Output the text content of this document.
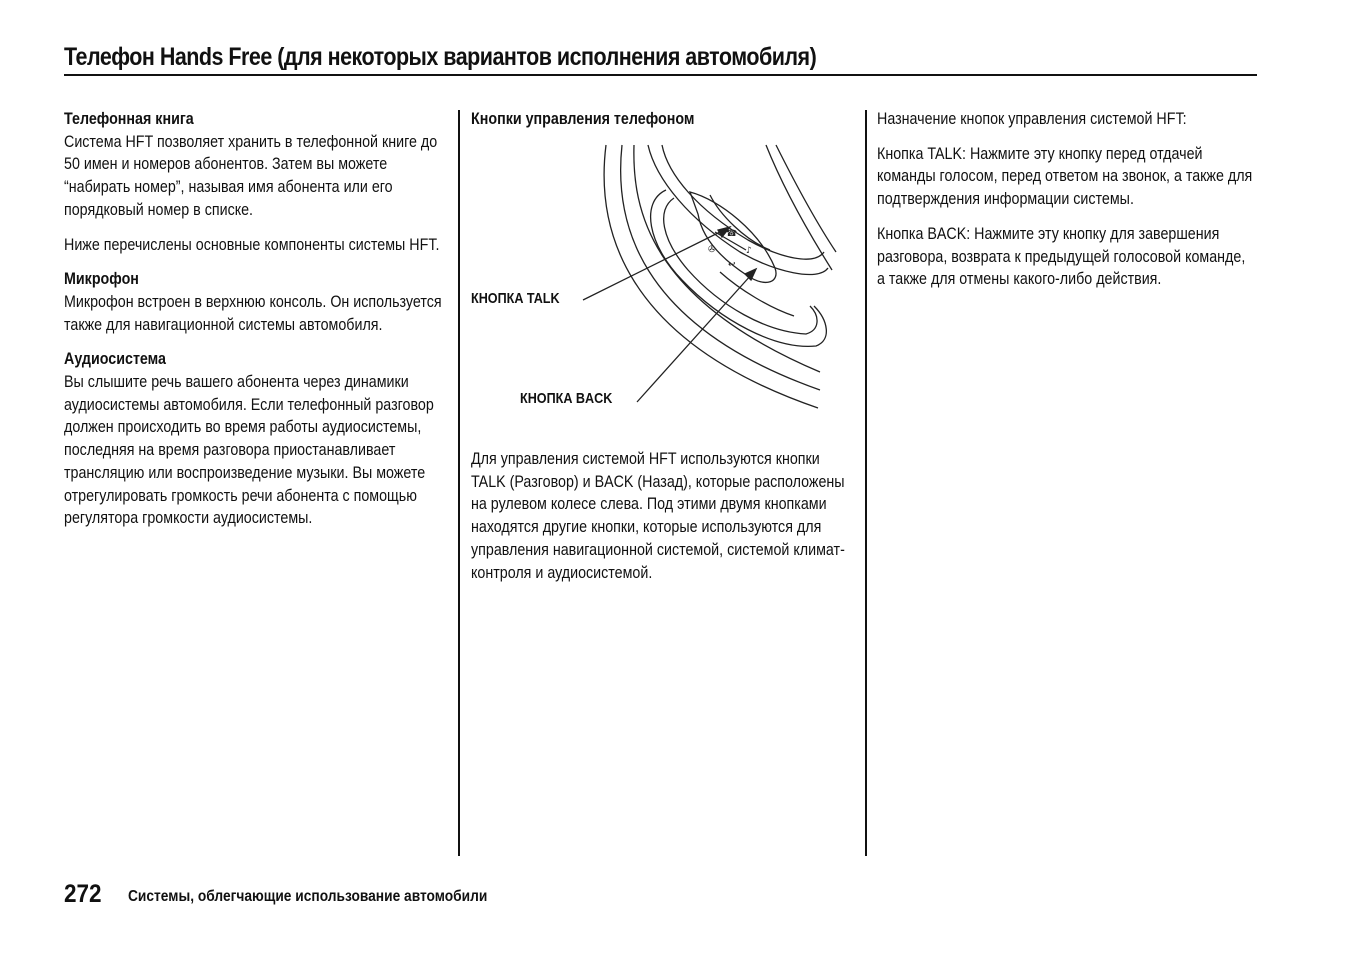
Телефон Hands Free (для некоторых вариантов исполнения автомобиля)

Телефонная книга
Система HFT позволяет хранить в телефонной книге до 50 имен и номеров абонентов. Затем вы можете “набирать номер”, называя имя абонента или его порядковый номер в списке.

Ниже перечислены основные компоненты системы HFT.

Микрофон
Микрофон встроен в верхнюю консоль. Он используется также для навигационной системы автомобиля.

Аудиосистема
Вы слышите речь вашего абонента через динамики аудиосистемы автомобиля. Если телефонный разговор должен происходить во время работы аудиосистемы, последняя на время разговора приостанавливает трансляцию или воспроизведение музыки. Вы можете отрегулировать громкость речи абонента с помощью регулятора громкости аудиосистемы.

Кнопки управления телефоном
☎
♪
✇
↩
КНОПКА TALK
КНОПКА BACK

Для управления системой HFT используются кнопки TALK (Разговор) и BACK (Назад), которые расположены на рулевом колесе слева. Под этими двумя кнопками находятся другие кнопки, которые используются для управления навигационной системой, системой климат-контроля и аудиосистемой.

Назначение кнопок управления системой HFT:

Кнопка TALK: Нажмите эту кнопку перед отдачей команды голосом, перед ответом на звонок, а также для подтверждения информации системы.

Кнопка BACK: Нажмите эту кнопку для завершения разговора, возврата к предыдущей голосовой команде, а также для отмены какого-либо действия.

272 Системы, облегчающие использование автомобили
